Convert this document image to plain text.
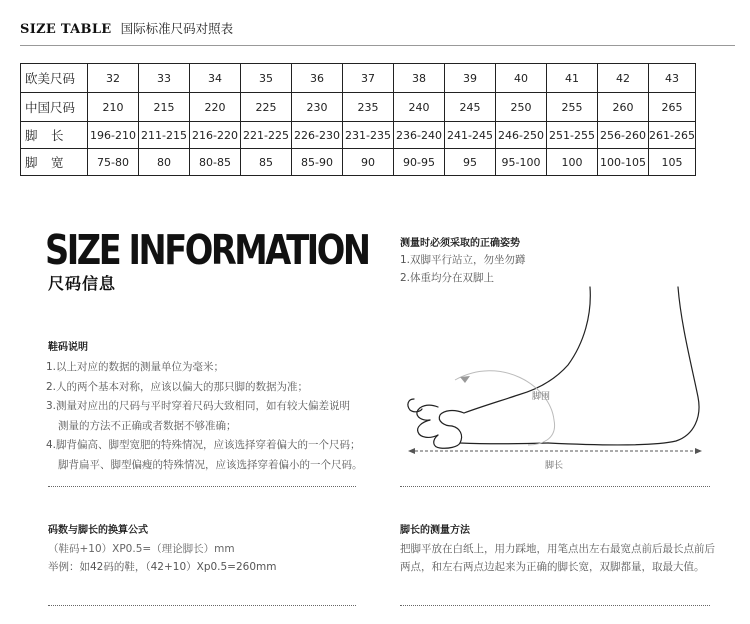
SIZE TABLE 国际标准尺码对照表
欧美尺码	32	33	34	35	36	37	38	39	40	41	42	43
中国尺码	210	215	220	225	230	235	240	245	250	255	260	265
脚 长	196-210	211-215	216-220	221-225	226-230	231-235	236-240	241-245	246-250	251-255	256-260	261-265
脚 宽	75-80	80	80-85	85	85-90	90	90-95	95	95-100	100	100-105	105
SIZE INFORMATION
尺码信息
测量时必须采取的正确姿势
1.双脚平行站立，勿坐勿蹲
2.体重均分在双脚上
脚围
脚长
鞋码说明
1.以上对应的数据的测量单位为毫米；
2.人的两个基本对称，应该以偏大的那只脚的数据为准；
3.测量对应出的尺码与平时穿着尺码大致相同，如有较大偏差说明
测量的方法不正确或者数据不够准确；
4.脚背偏高、脚型宽肥的特殊情况，应该选择穿着偏大的一个尺码；
脚背扁平、脚型偏瘦的特殊情况，应该选择穿着偏小的一个尺码。
码数与脚长的换算公式
（鞋码+10）XP0.5=（理论脚长）mm
举例：如42码的鞋，（42+10）Xp0.5=260mm
脚长的测量方法
把脚平放在白纸上，用力踩地，用笔点出左右最宽点前后最长点前后两点，和左右两点边起来为正确的脚长宽，双脚都量，取最大值。
